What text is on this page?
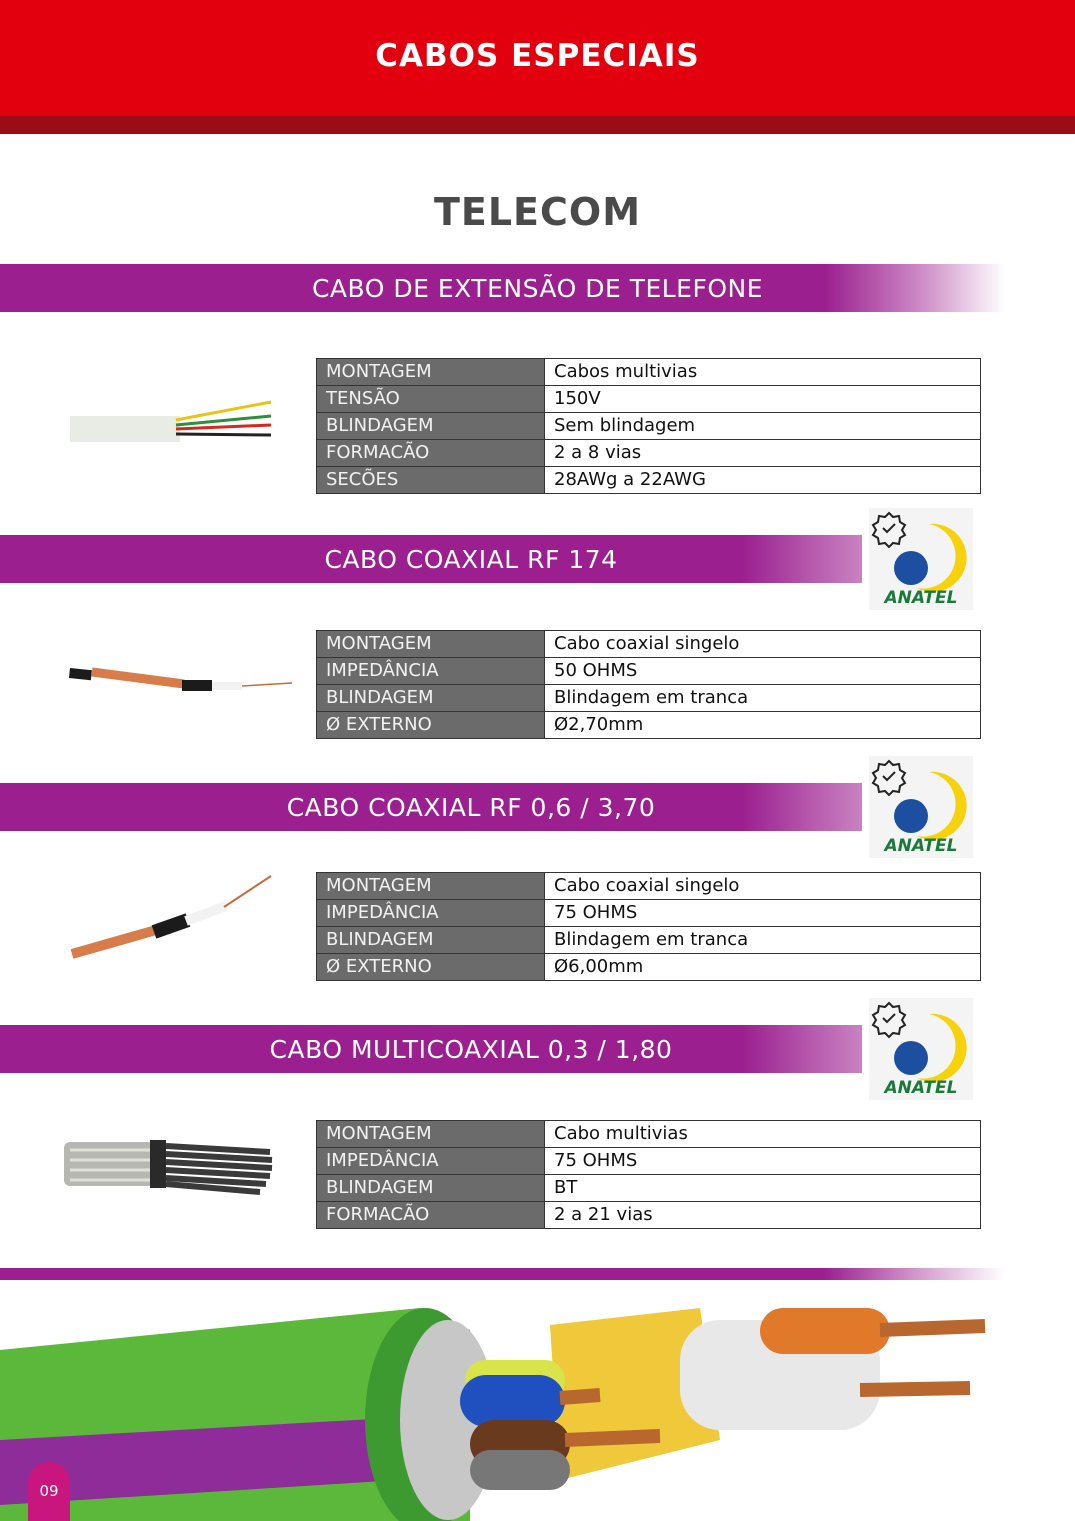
CABOS ESPECIAIS
TELECOM
CABO DE EXTENSÃO DE TELEFONE
MONTAGEM	Cabos multivias
TENSÃO	150V
BLINDAGEM	Sem blindagem
FORMACÃO	2 a 8 vias
SECÕES	28AWg a 22AWG
CABO COAXIAL RF 174
ANATEL
MONTAGEM	Cabo coaxial singelo
IMPEDÂNCIA	50 OHMS
BLINDAGEM	Blindagem em tranca
Ø EXTERNO	Ø2,70mm
CABO COAXIAL RF 0,6 / 3,70
ANATEL
MONTAGEM	Cabo coaxial singelo
IMPEDÂNCIA	75 OHMS
BLINDAGEM	Blindagem em tranca
Ø EXTERNO	Ø6,00mm
CABO MULTICOAXIAL 0,3 / 1,80
ANATEL
MONTAGEM	Cabo multivias
IMPEDÂNCIA	75 OHMS
BLINDAGEM	BT
FORMACÃO	2 a 21 vias
09
